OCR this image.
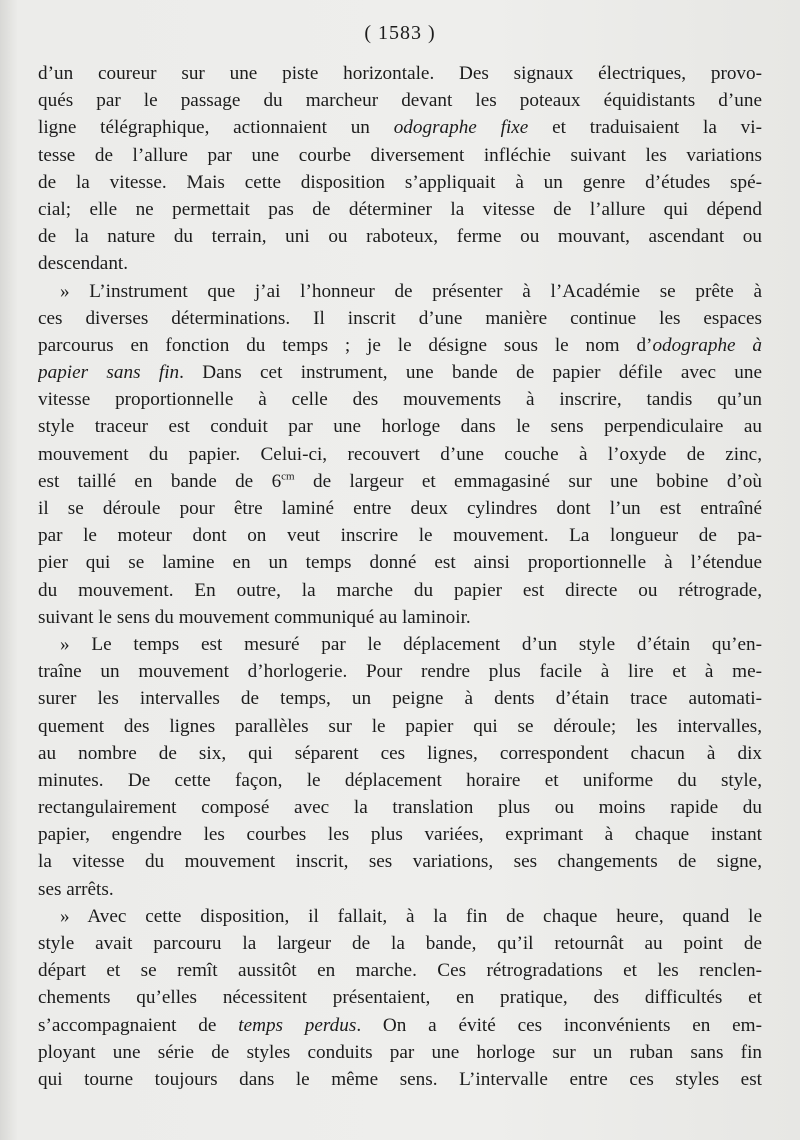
( 1583 )
d’un coureur sur une piste horizontale. Des signaux électriques, provo-
qués par le passage du marcheur devant les poteaux équidistants d’une
ligne télégraphique, actionnaient un odographe fixe et traduisaient la vi-
tesse de l’allure par une courbe diversement infléchie suivant les variations
de la vitesse. Mais cette disposition s’appliquait à un genre d’études spé-
cial; elle ne permettait pas de déterminer la vitesse de l’allure qui dépend
de la nature du terrain, uni ou raboteux, ferme ou mouvant, ascendant ou
descendant.
» L’instrument que j’ai l’honneur de présenter à l’Académie se prête à
ces diverses déterminations. Il inscrit d’une manière continue les espaces
parcourus en fonction du temps ; je le désigne sous le nom d’odographe à
papier sans fin. Dans cet instrument, une bande de papier défile avec une
vitesse proportionnelle à celle des mouvements à inscrire, tandis qu’un
style traceur est conduit par une horloge dans le sens perpendiculaire au
mouvement du papier. Celui-ci, recouvert d’une couche à l’oxyde de zinc,
est taillé en bande de $6^{cm}$ de largeur et emmagasiné sur une bobine d’où
il se déroule pour être laminé entre deux cylindres dont l’un est entraîné
par le moteur dont on veut inscrire le mouvement. La longueur de pa-
pier qui se lamine en un temps donné est ainsi proportionnelle à l’étendue
du mouvement. En outre, la marche du papier est directe ou rétrograde,
suivant le sens du mouvement communiqué au laminoir.
» Le temps est mesuré par le déplacement d’un style d’étain qu’en-
traîne un mouvement d’horlogerie. Pour rendre plus facile à lire et à me-
surer les intervalles de temps, un peigne à dents d’étain trace automati-
quement des lignes parallèles sur le papier qui se déroule; les intervalles,
au nombre de six, qui séparent ces lignes, correspondent chacun à dix
minutes. De cette façon, le déplacement horaire et uniforme du style,
rectangulairement composé avec la translation plus ou moins rapide du
papier, engendre les courbes les plus variées, exprimant à chaque instant
la vitesse du mouvement inscrit, ses variations, ses changements de signe,
ses arrêts.
» Avec cette disposition, il fallait, à la fin de chaque heure, quand le
style avait parcouru la largeur de la bande, qu’il retournât au point de
départ et se remît aussitôt en marche. Ces rétrogradations et les renclen-
chements qu’elles nécessitent présentaient, en pratique, des difficultés et
s’accompagnaient de temps perdus. On a évité ces inconvénients en em-
ployant une série de styles conduits par une horloge sur un ruban sans fin
qui tourne toujours dans le même sens. L’intervalle entre ces styles est
